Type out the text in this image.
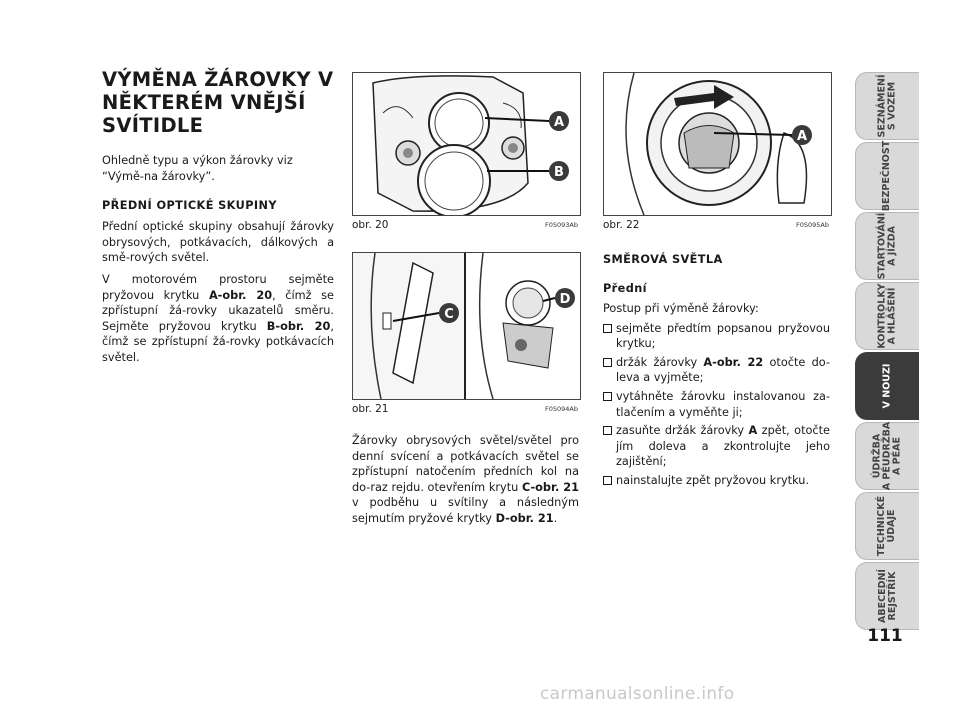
VÝMĚNA ŽÁROVKY V NĚKTERÉM VNĚJŠÍ SVÍTIDLE

Ohledně typu a výkon žárovky viz “Výmě-na žárovky”.

PŘEDNÍ OPTICKÉ SKUPINY

Přední optické skupiny obsahují žárovky obrysových, potkávacích, dálkových a smě-rových světel.

V motorovém prostoru sejměte pryžovou krytku A-obr. 20, čímž se zpřístupní žá-rovky ukazatelů směru. Sejměte pryžovou krytku B-obr. 20, čímž se zpřístupní žá-rovky potkávacích světel.

A
B
obr. 20	F0S093Ab
C
D
obr. 21	F0S094Ab

Žárovky obrysových světel/světel pro denní svícení a potkávacích světel se zpřístupní natočením předních kol na do-raz rejdu. otevřením krytu C-obr. 21 v podběhu u svítilny a následným sejmutím pryžové krytky D-obr. 21.

A
obr. 22	F0S095Ab

SMĚROVÁ SVĚTLA

Přední

Postup při výměně žárovky:

sejměte předtím popsanou pryžovou krytku;
držák žárovky A-obr. 22 otočte do-leva a vyjměte;
vytáhněte žárovku instalovanou za-tlačením a vyměňte ji;
zasuňte držák žárovky A zpět, otočte jím doleva a zkontrolujte jeho zajištění;
nainstalujte zpět pryžovou krytku.
SEZNÁMENÍ
S VOZEM
BEZPEČNOST
STARTOVÁNÍ
A JÍZDA
KONTROLKY
A HLÁŠENÍ
V NOUZI
ÚDRŽBA
A PÉUDRŽBA
A PÉAE
TECHNICKÉ
ÚDAJE
ABECEDNÍ
REJSTŘÍK
111
carmanualsonline.info
